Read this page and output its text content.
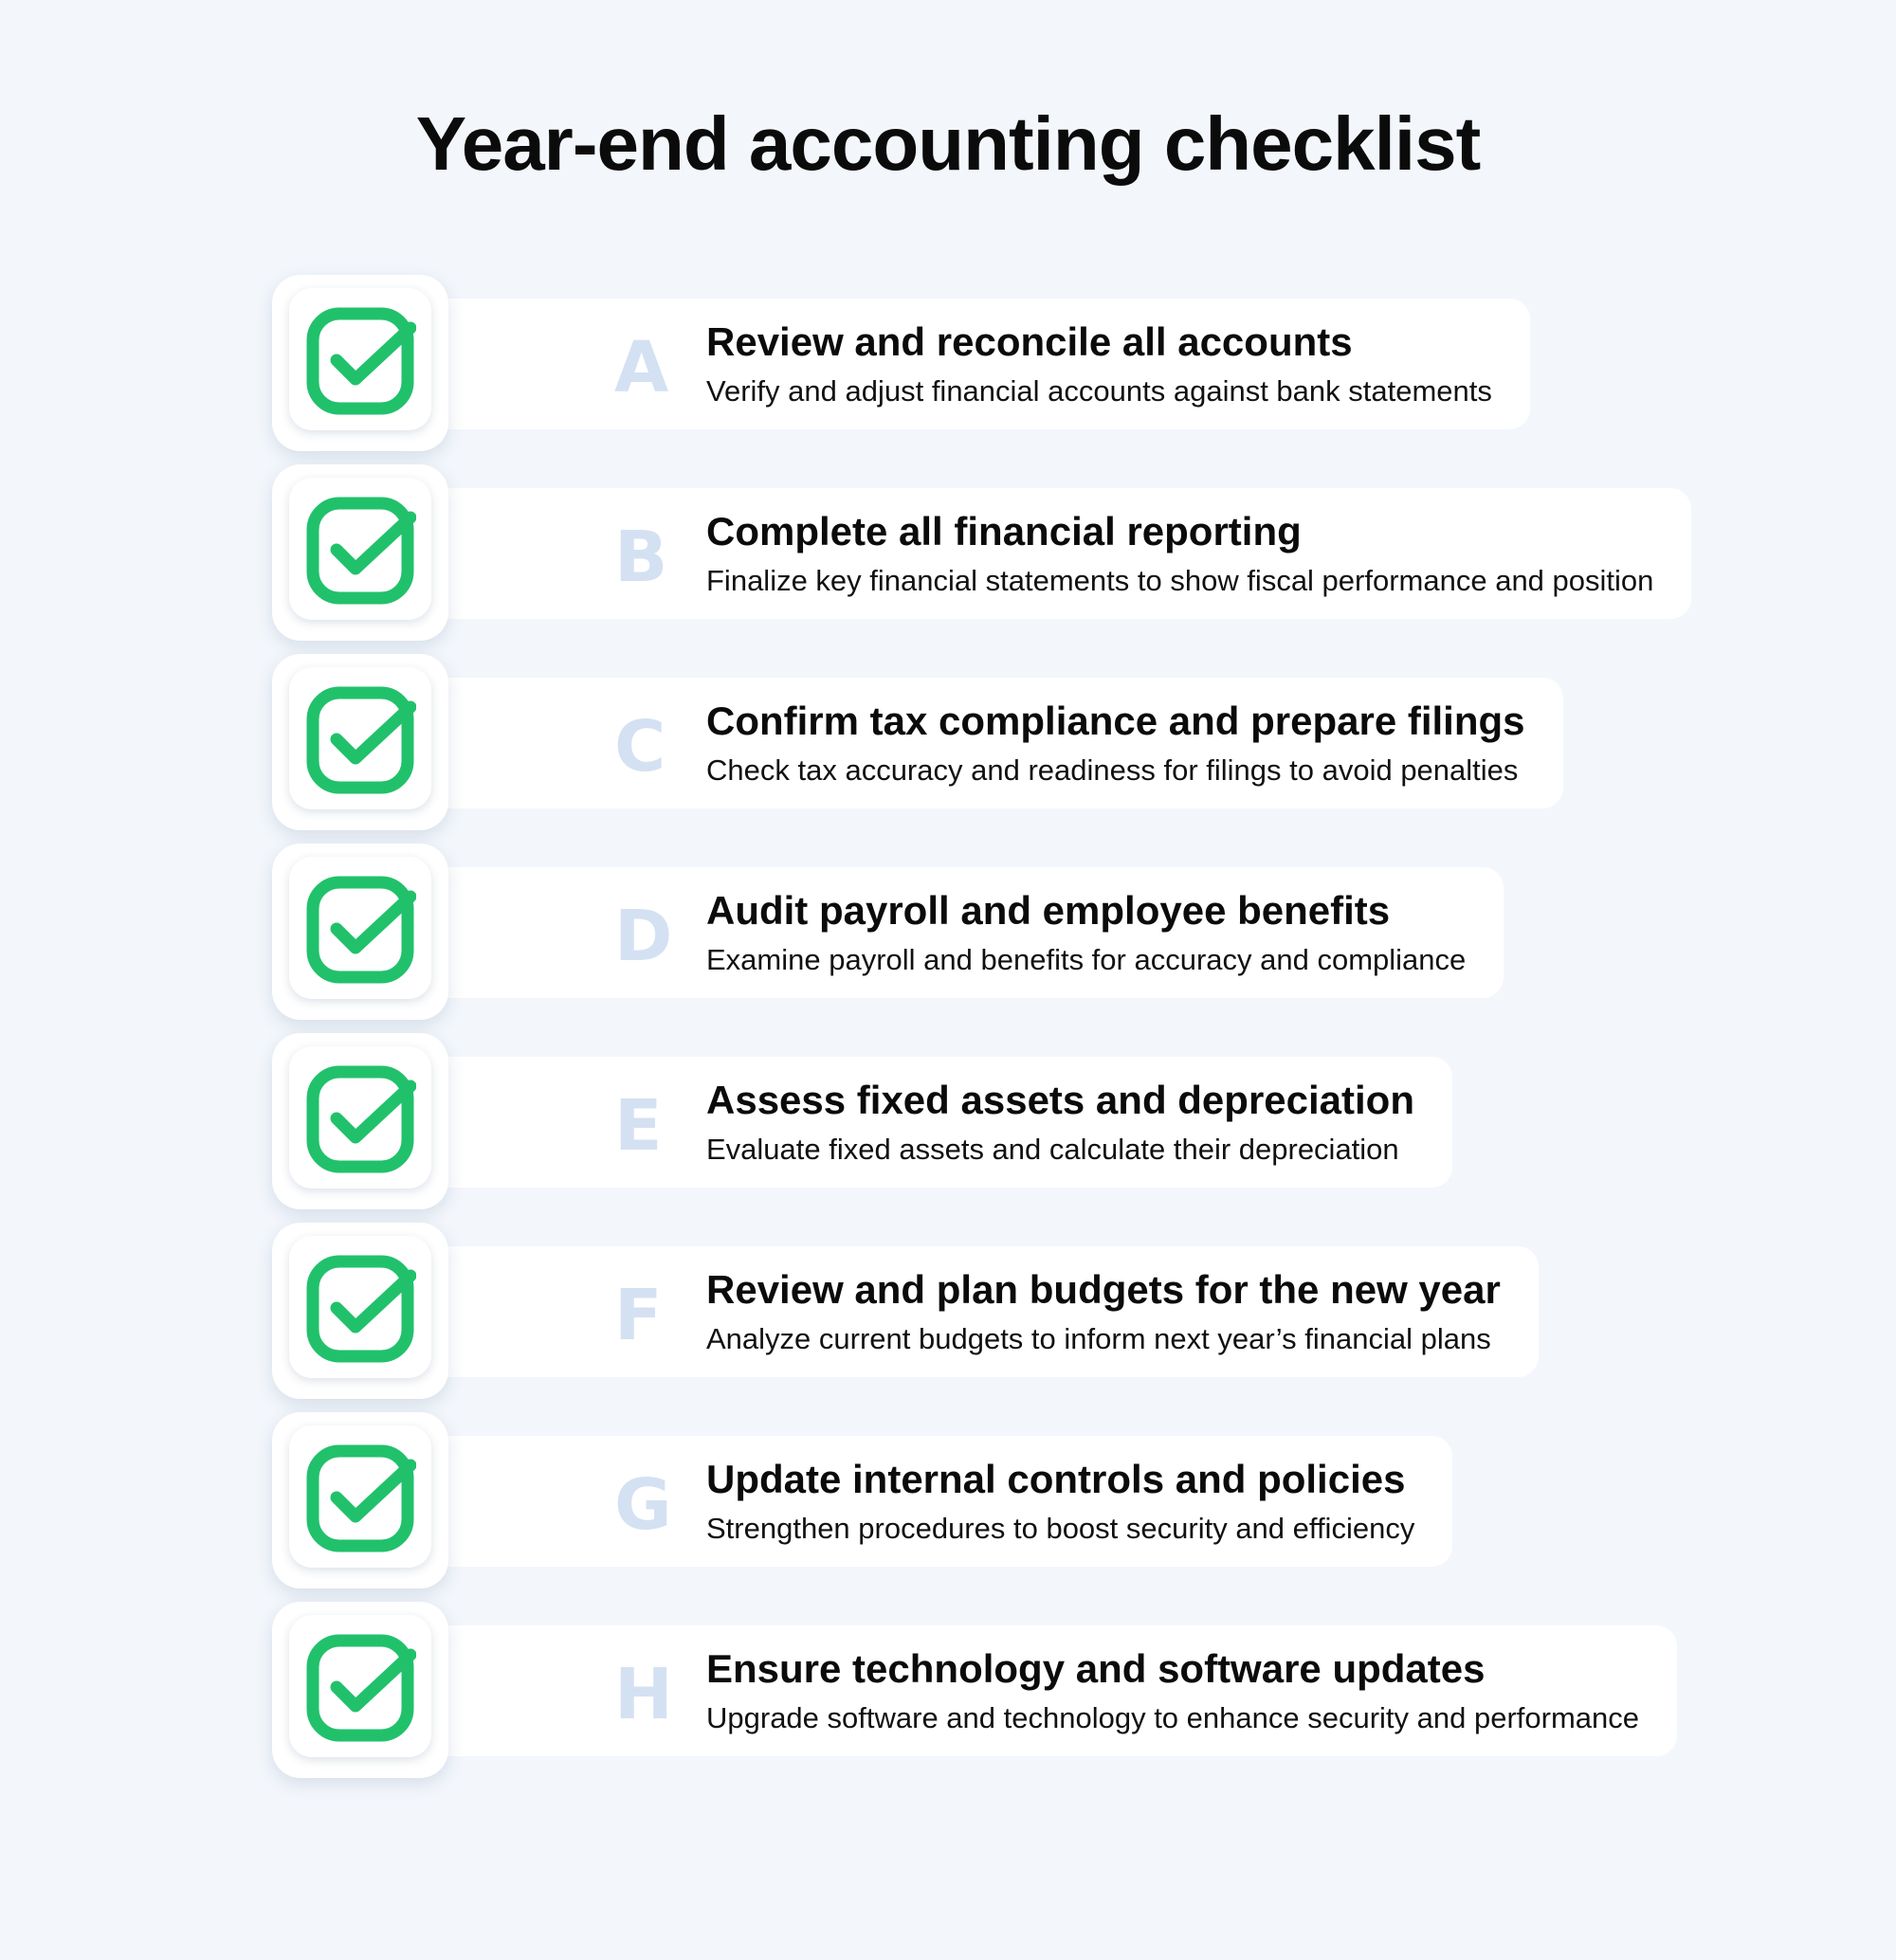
Year-end accounting checklist
A Review and reconcile all accounts
Verify and adjust financial accounts against bank statements
B Complete all financial reporting
Finalize key financial statements to show fiscal performance and position
C Confirm tax compliance and prepare filings
Check tax accuracy and readiness for filings to avoid penalties
D Audit payroll and employee benefits
Examine payroll and benefits for accuracy and compliance
E Assess fixed assets and depreciation
Evaluate fixed assets and calculate their depreciation
F Review and plan budgets for the new year
Analyze current budgets to inform next year’s financial plans
G Update internal controls and policies
Strengthen procedures to boost security and efficiency
H Ensure technology and software updates
Upgrade software and technology to enhance security and performance
